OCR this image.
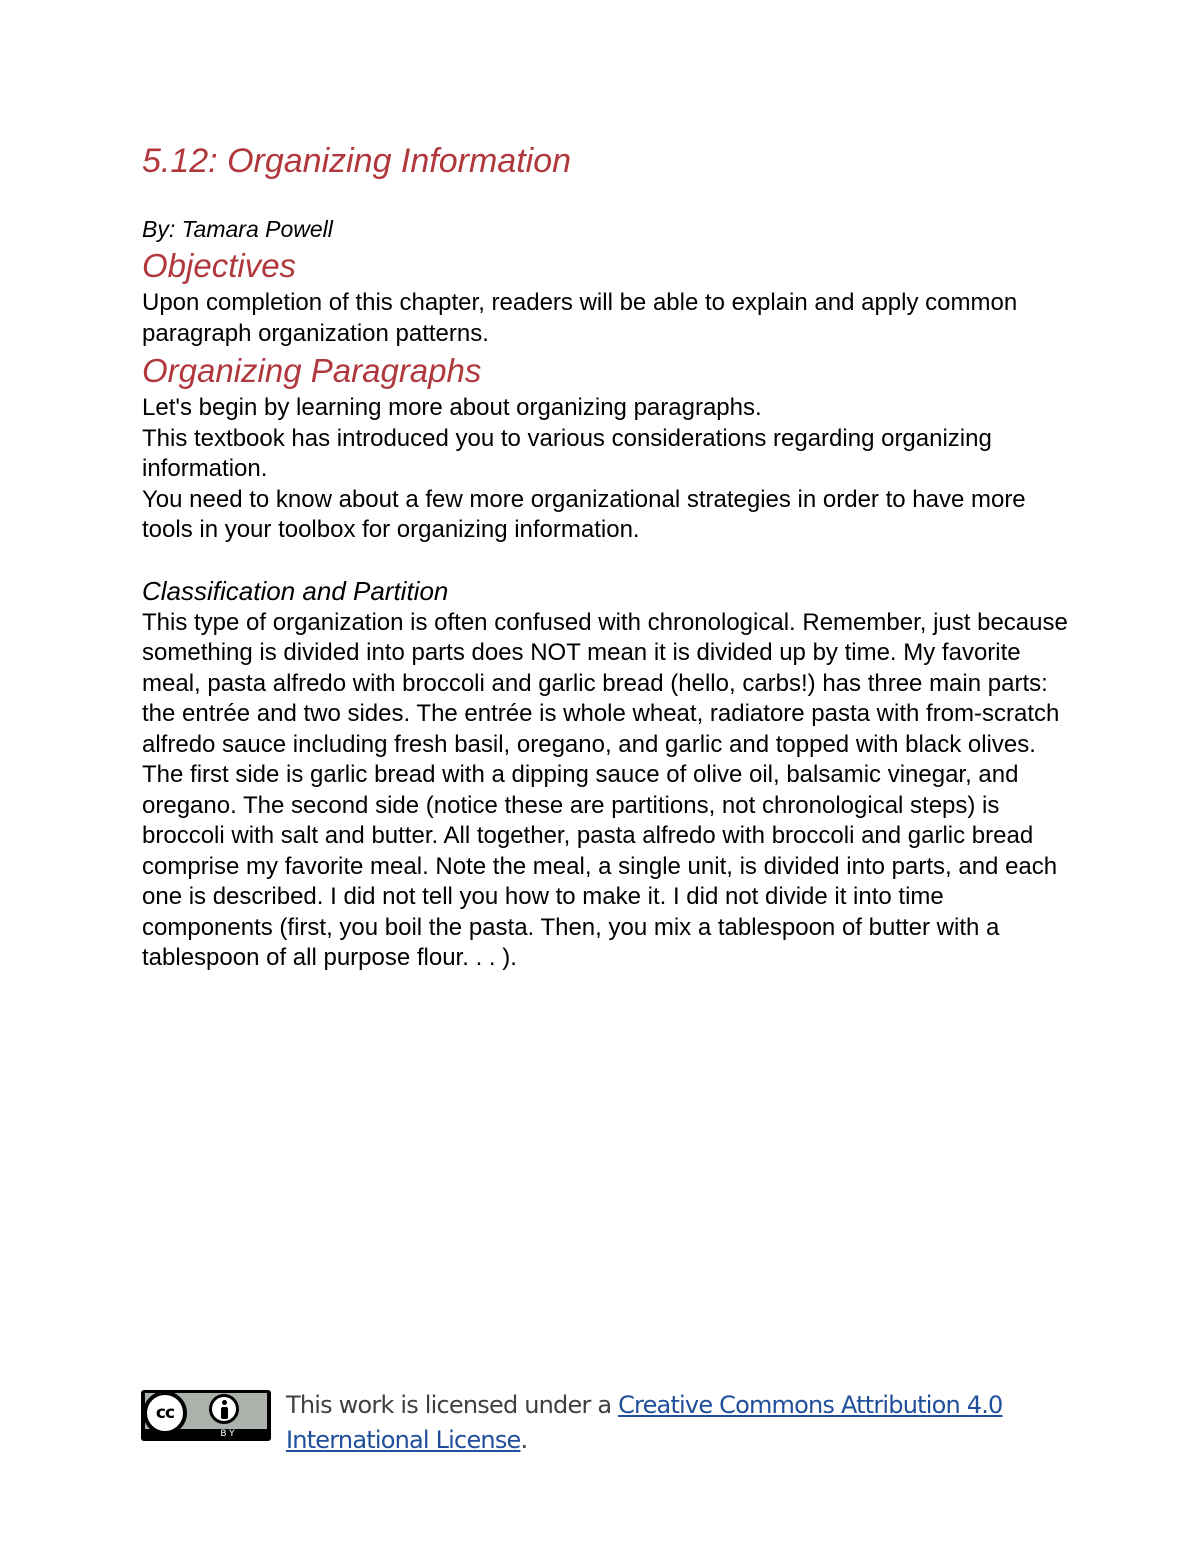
5.12: Organizing Information
By: Tamara Powell
Objectives

Upon completion of this chapter, readers will be able to explain and apply common paragraph organization patterns.

Organizing Paragraphs

Let's begin by learning more about organizing paragraphs.

This textbook has introduced you to various considerations regarding organizing information.

You need to know about a few more organizational strategies in order to have more tools in your toolbox for organizing information.

Classification and Partition

This type of organization is often confused with chronological. Remember, just because something is divided into parts does NOT mean it is divided up by time. My favorite meal, pasta alfredo with broccoli and garlic bread (hello, carbs!) has three main parts: the entrée and two sides. The entrée is whole wheat, radiatore pasta with from-scratch alfredo sauce including fresh basil, oregano, and garlic and topped with black olives. The first side is garlic bread with a dipping sauce of olive oil, balsamic vinegar, and oregano. The second side (notice these are partitions, not chronological steps) is broccoli with salt and butter. All together, pasta alfredo with broccoli and garlic bread comprise my favorite meal. Note the meal, a single unit, is divided into parts, and each one is described. I did not tell you how to make it. I did not divide it into time components (first, you boil the pasta. Then, you mix a tablespoon of butter with a tablespoon of all purpose flour. . . ).

cc
BY
This work is licensed under a Creative Commons Attribution 4.0 International License.
